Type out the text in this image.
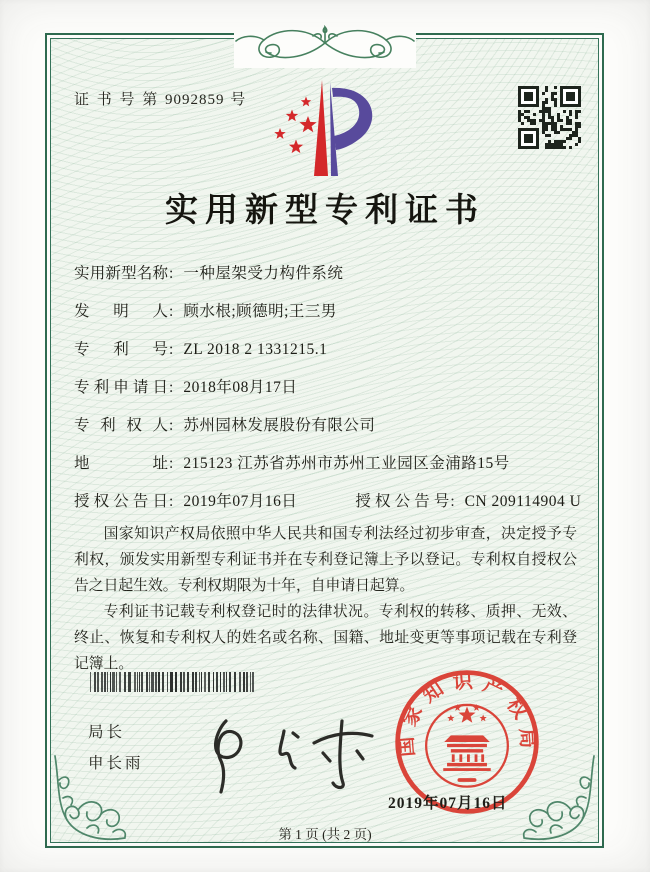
证 书 号 第 9092859 号
实用新型专利证书
实用新型名称 : 一种屋架受力构件系统
发明人 : 顾水根;顾德明;王三男
专利号 : ZL 2018 2 1331215.1
专利申请日 : 2018年08月17日
专利权人 : 苏州园林发展股份有限公司
地址 : 215123 江苏省苏州市苏州工业园区金浦路15号
授权公告日 : 2019年07月16日	授权公告号 : CN 209114904 U

国家知识产权局依照中华人民共和国专利法经过初步审查，决定授予专利权，颁发实用新型专利证书并在专利登记簿上予以登记。专利权自授权公告之日起生效。专利权期限为十年，自申请日起算。

专利证书记载专利权登记时的法律状况。专利权的转移、质押、无效、终止、恢复和专利权人的姓名或名称、国籍、地址变更等事项记载在专利登记簿上。

局长
申长雨
国家知识产权局
2019年07月16日
第 1 页 (共 2 页)
